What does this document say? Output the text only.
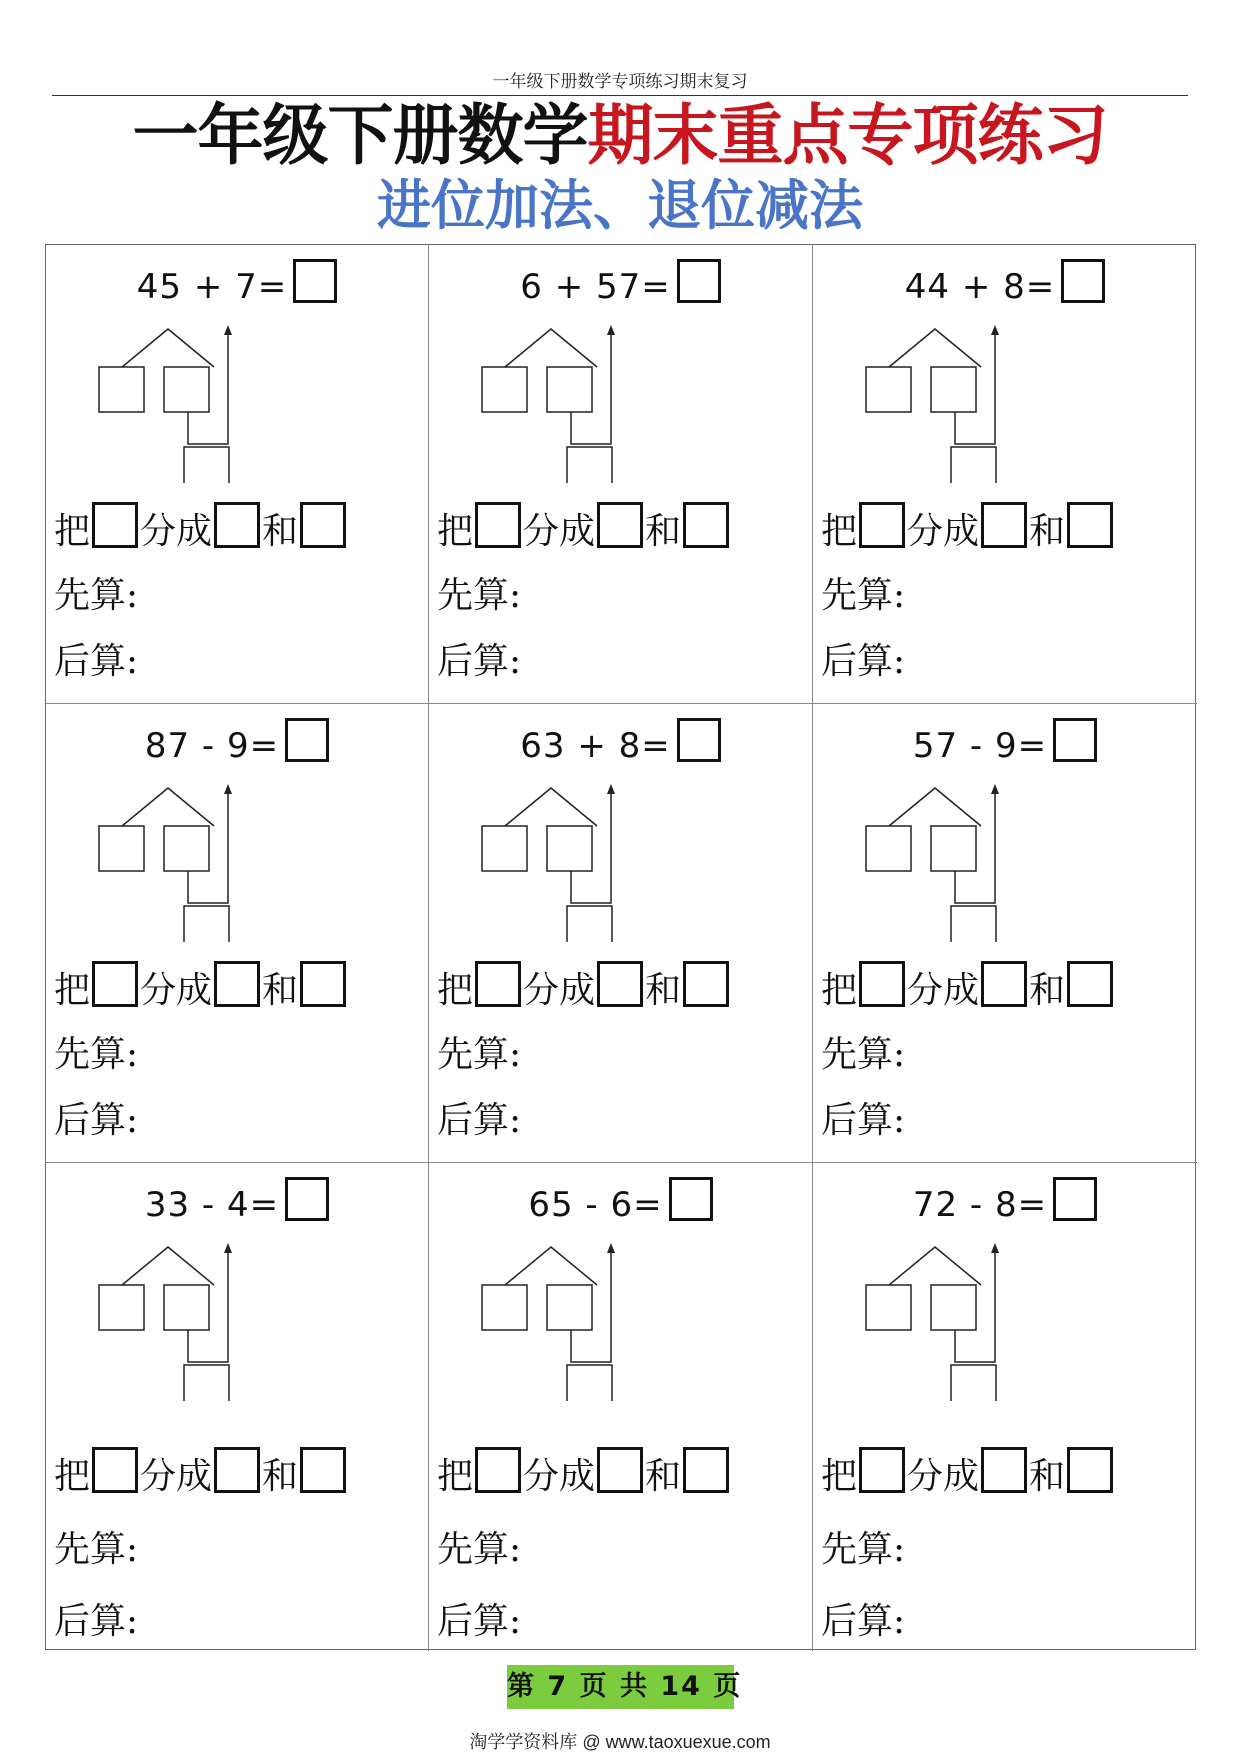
一年级下册数学专项练习期末复习
一年级下册数学期末重点专项练习
进位加法、退位减法
45 + 7=
把 分成 和
先算:
后算:
6 + 57=
把 分成 和
先算:
后算:
44 + 8=
把 分成 和
先算:
后算:
87 - 9=
把 分成 和
先算:
后算:
63 + 8=
把 分成 和
先算:
后算:
57 - 9=
把 分成 和
先算:
后算:
33 - 4=
把 分成 和
先算:
后算:
65 - 6=
把 分成 和
先算:
后算:
72 - 8=
把 分成 和
先算:
后算:
第 7 页 共 14 页
淘学学资料库 @ www.taoxuexue.com
